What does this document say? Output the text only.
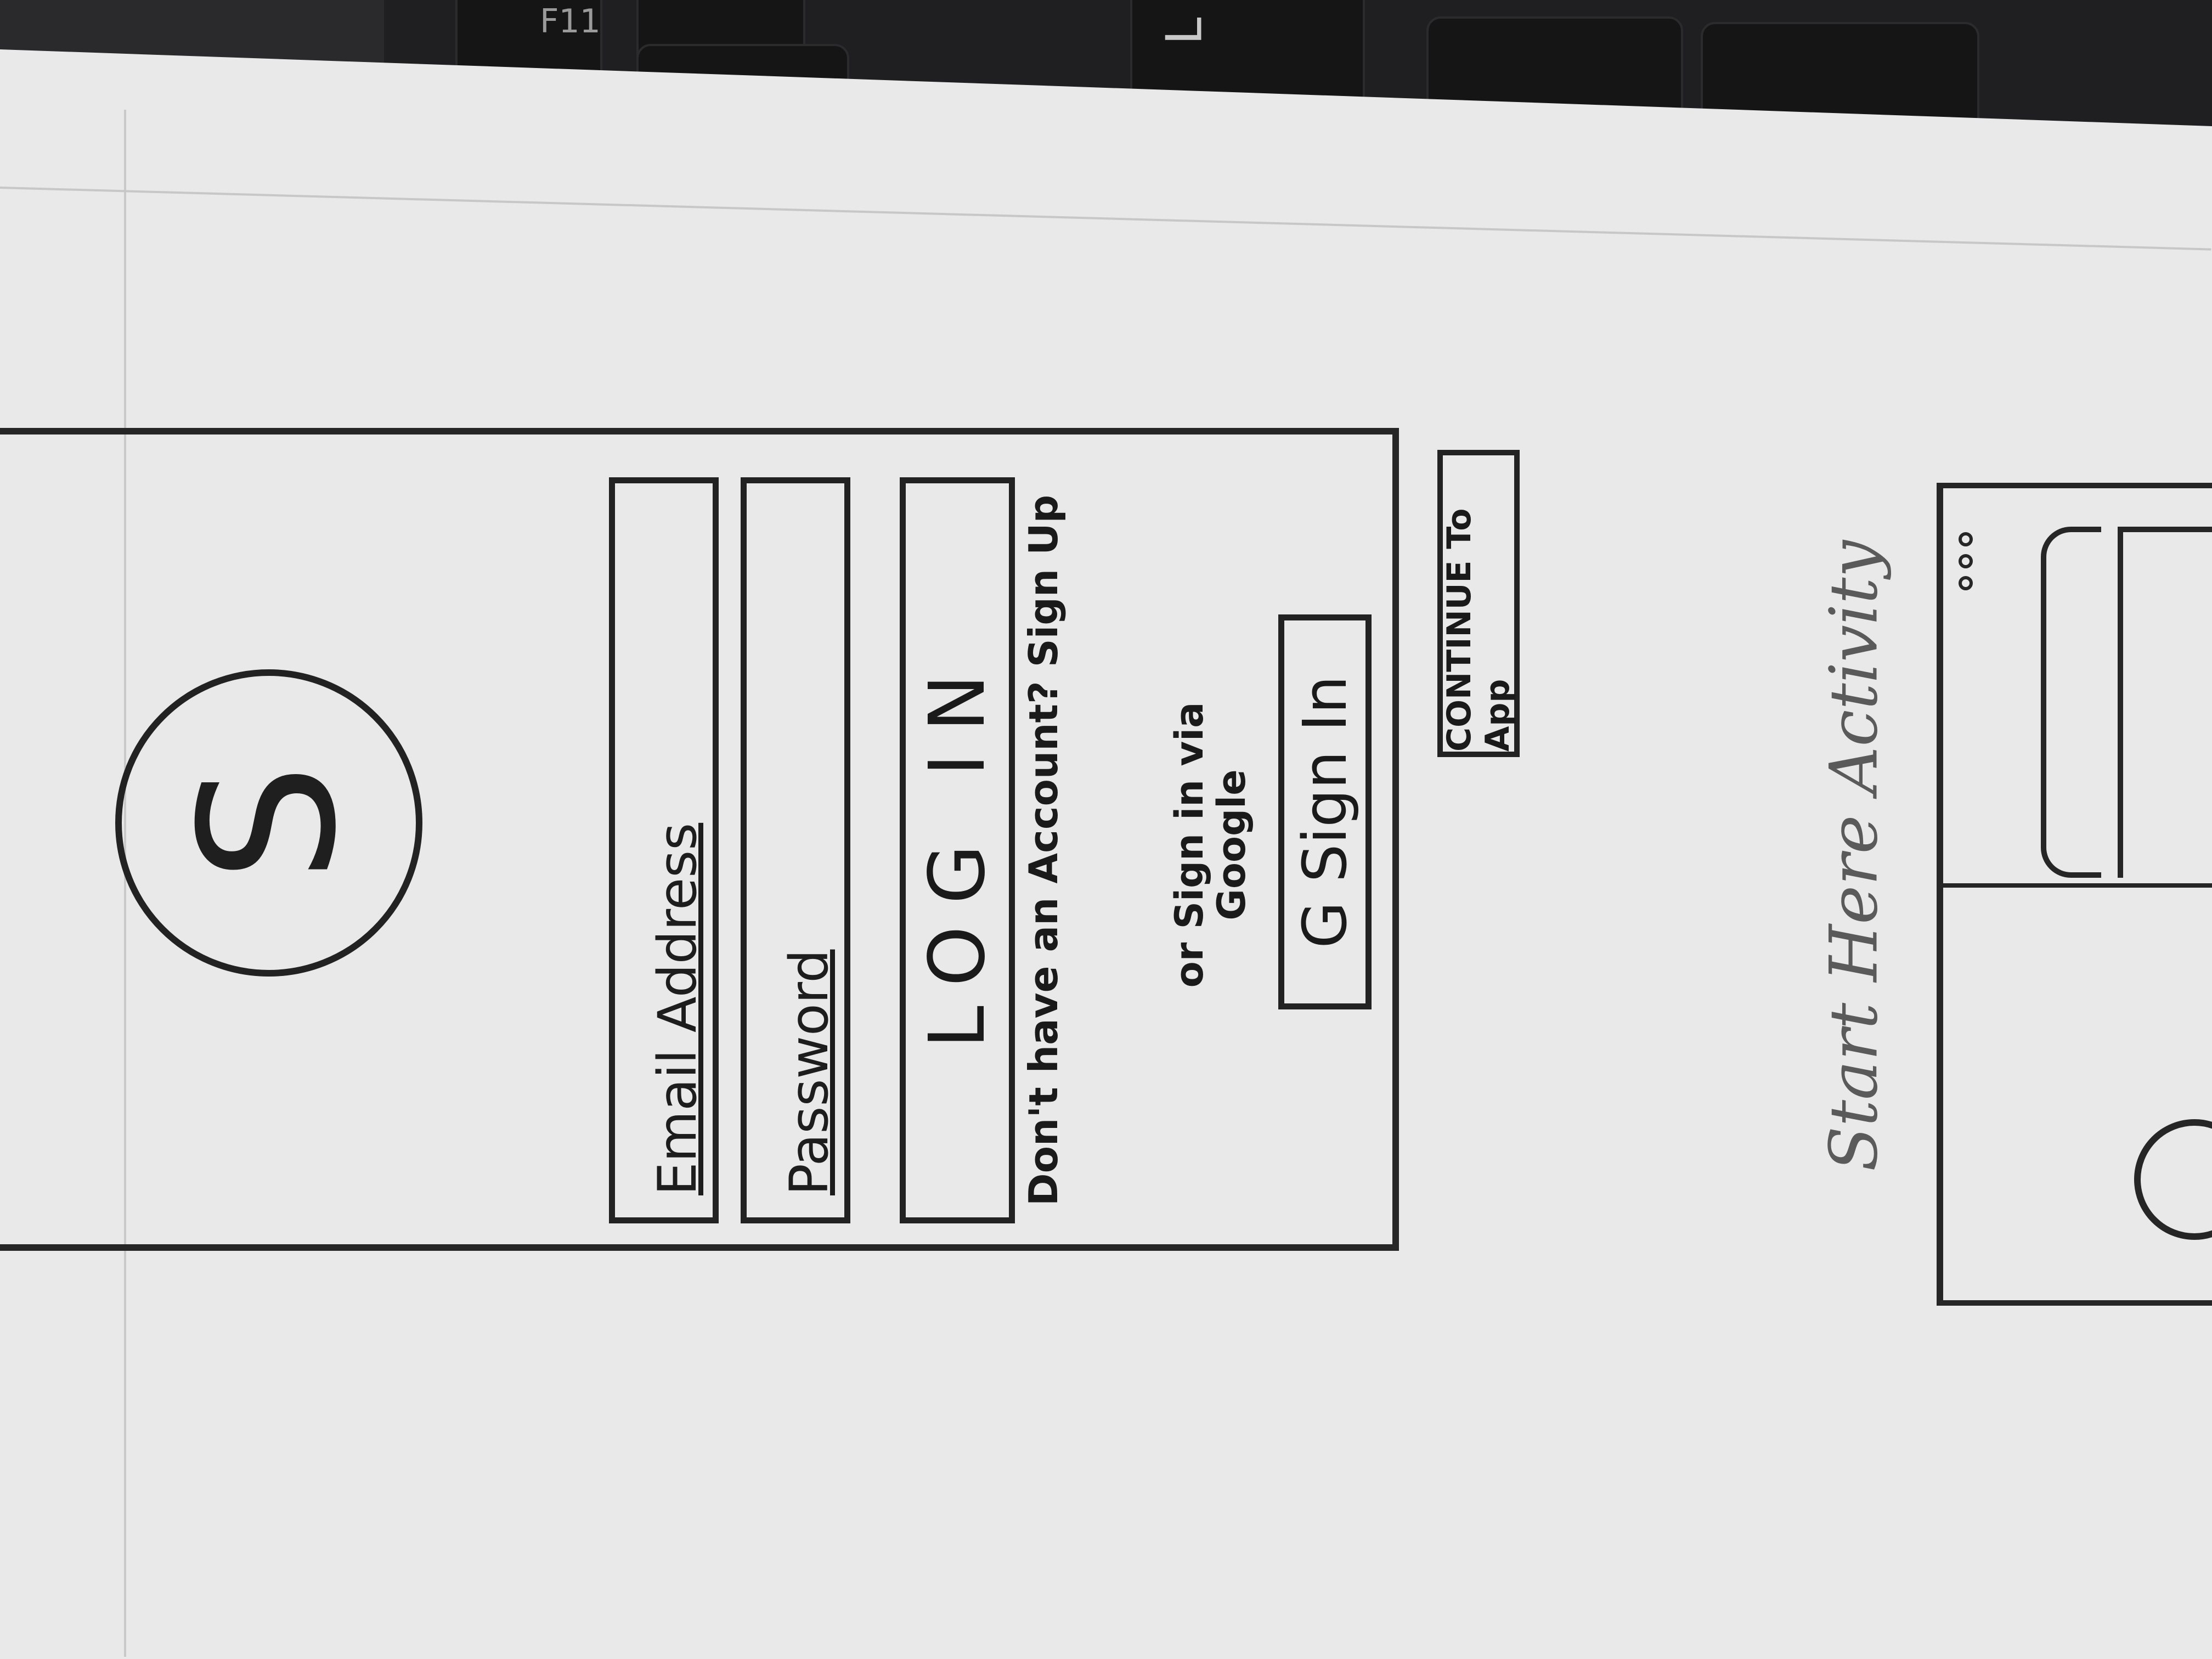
F11	L
S	Email Address Password
LOG IN Don't have an Account? Sign Up	or Sign in via Google G Sign In
CONTINUE To App	Start Here Activity
